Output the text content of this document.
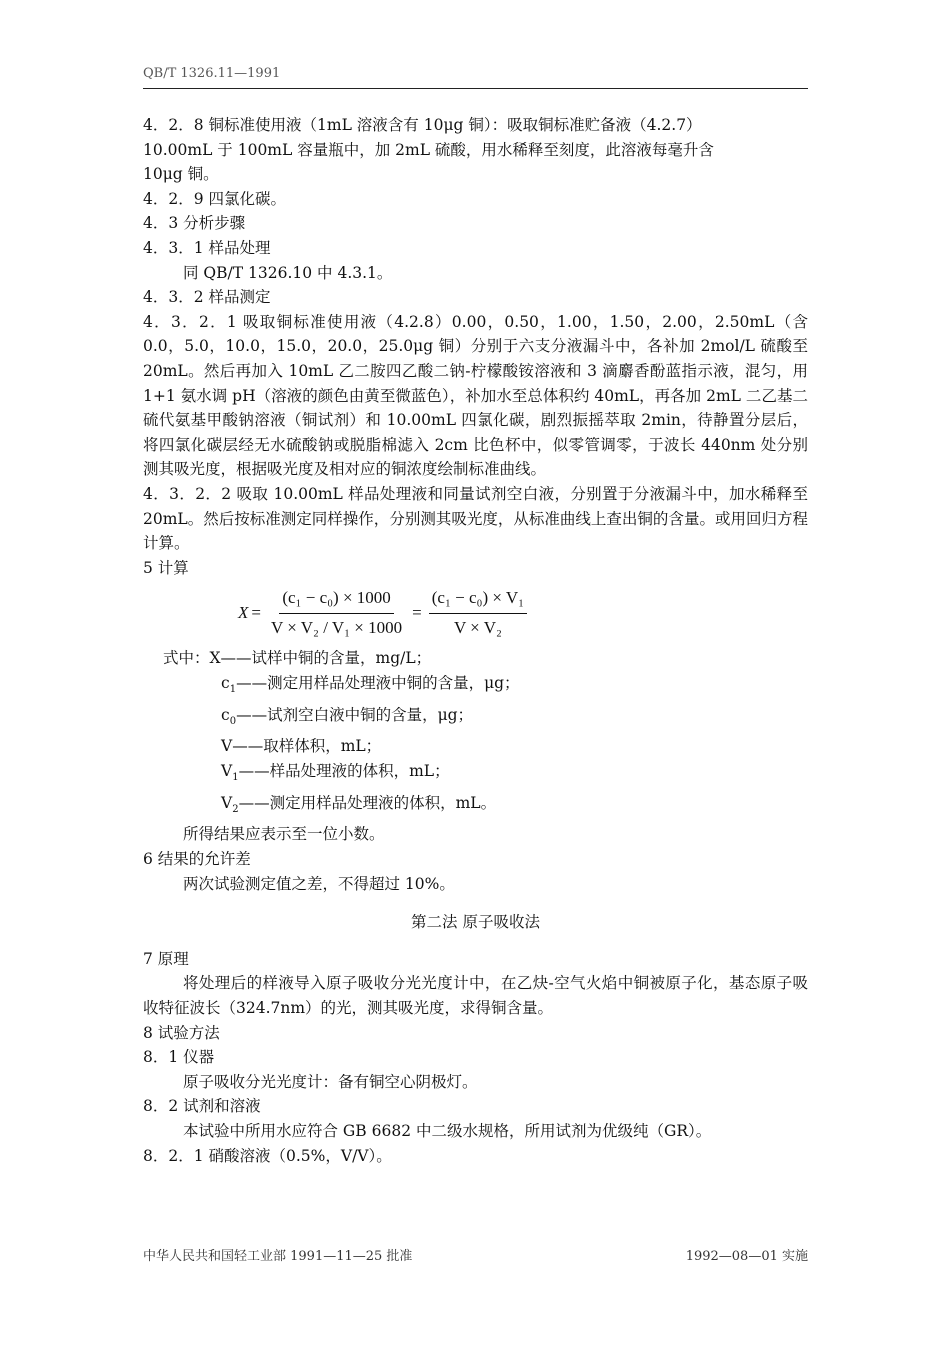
QB/T 1326.11—1991

4．2．8 铜标准使用液（1mL 溶液含有 10μg 铜）：吸取铜标准贮备液（4.2.7）

10.00mL 于 100mL 容量瓶中，加 2mL 硫酸，用水稀释至刻度，此溶液每毫升含

10μg 铜。

4．2．9 四氯化碳。

4．3 分析步骤

4．3．1 样品处理

同 QB/T 1326.10 中 4.3.1。

4．3．2 样品测定

4．3．2．1 吸取铜标准使用液（4.2.8）0.00，0.50，1.00，1.50，2.00，2.50mL（含 0.0，5.0，10.0，15.0，20.0，25.0μg 铜）分别于六支分液漏斗中，各补加 2mol/L 硫酸至 20mL。然后再加入 10mL 乙二胺四乙酸二钠-柠檬酸铵溶液和 3 滴麝香酚蓝指示液，混匀，用 1+1 氨水调 pH（溶液的颜色由黄至微蓝色），补加水至总体积约 40mL，再各加 2mL 二乙基二硫代氨基甲酸钠溶液（铜试剂）和 10.00mL 四氯化碳，剧烈振摇萃取 2min，待静置分层后，将四氯化碳层经无水硫酸钠或脱脂棉滤入 2cm 比色杯中，似零管调零，于波长 440nm 处分别测其吸光度，根据吸光度及相对应的铜浓度绘制标准曲线。

4．3．2．2 吸取 10.00mL 样品处理液和同量试剂空白液，分别置于分液漏斗中，加水稀释至 20mL。然后按标准测定同样操作，分别测其吸光度，从标准曲线上查出铜的含量。或用回归方程计算。

5 计算

$X = \frac{\text{(c₁ − c₀) × 1000}}{\text{V × V₂ / V₁ × 1000}} = \frac{\text{(c₁ − c₀) × V₁}}{\text{V × V₂}}$

式中：X——试样中铜的含量，mg/L；

$c_1——$测定用样品处理液中铜的含量，μg；

$c_0——$试剂空白液中铜的含量，μg；

V——取样体积，mL；

$V_1——$样品处理液的体积，mL；

$V_2——$测定用样品处理液的体积，mL。

所得结果应表示至一位小数。

6 结果的允许差

两次试验测定值之差，不得超过 10%。

第二法 原子吸收法

7 原理

将处理后的样液导入原子吸收分光光度计中，在乙炔-空气火焰中铜被原子化，基态原子吸收特征波长（324.7nm）的光，测其吸光度，求得铜含量。

8 试验方法

8．1 仪器

原子吸收分光光度计：备有铜空心阴极灯。

8．2 试剂和溶液

本试验中所用水应符合 GB 6682 中二级水规格，所用试剂为优级纯（GR）。

8．2．1 硝酸溶液（0.5%，V/V）。

中华人民共和国轻工业部 1991—11—25 批准	1992—08—01 实施
